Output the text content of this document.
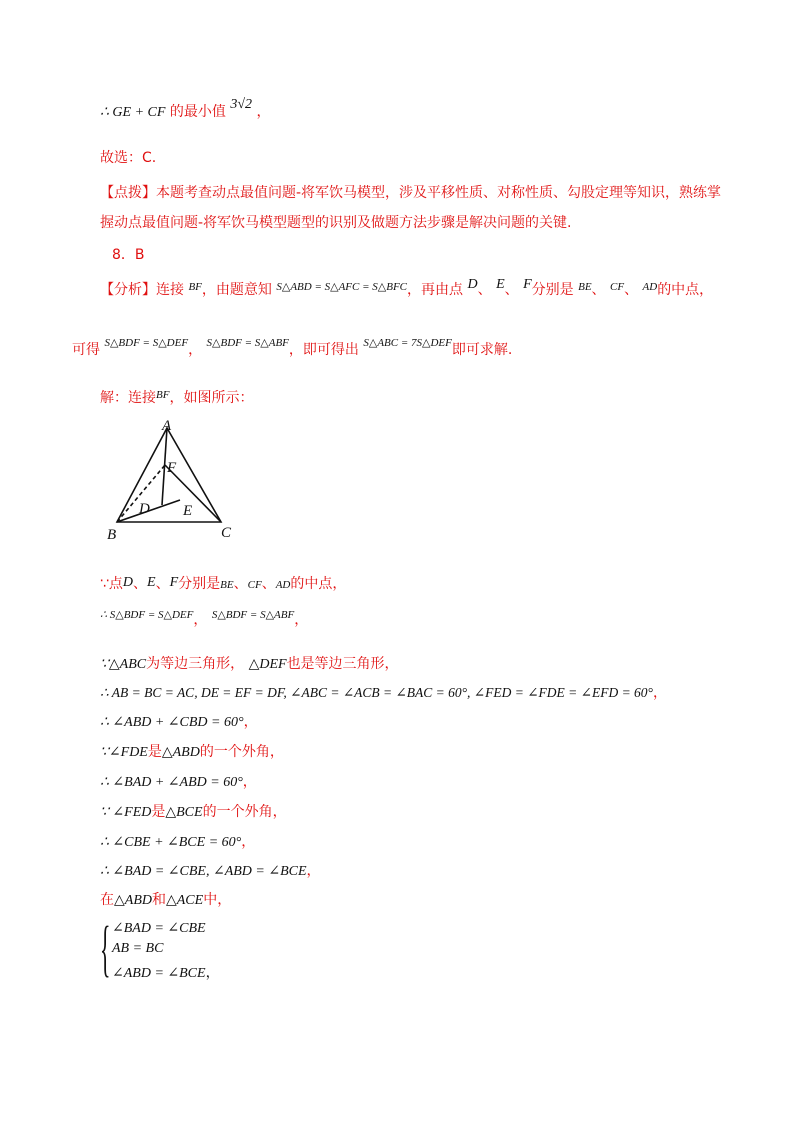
∴ GE + CF 的最小值 3√2 ，
故选：C.
【点拨】本题考查动点最值问题-将军饮马模型，涉及平移性质、对称性质、勾股定理等知识，熟练掌
握动点最值问题-将军饮马模型题型的识别及做题方法步骤是解决问题的关键.
8．B
【分析】连接 $^{BF}$，由题意知 $^{S\triangle ABD = S\triangle AFC = S\triangle BFC}$，再由点 D、 E、 F分别是 $^{BE}$、 $^{CF}$、 $^{AD}$的中点，
可得 $^{S\triangle BDF = S\triangle DEF}$， $^{S\triangle BDF = S\triangle ABF}$，即可得出 $^{S\triangle ABC = 7S\triangle DEF}$即可求解.
解：连接$^{BF}$，如图所示：
A
F
D E
B	C
∵点D、E、F分别是BE、CF、AD的中点，
∴ S△BDF = S△DEF， S△BDF = S△ABF，
∵△ABC为等边三角形， △DEF也是等边三角形，
∴ AB = BC = AC, DE = EF = DF, ∠ABC = ∠ACB = ∠BAC = 60°, ∠FED = ∠FDE = ∠EFD = 60°，
∴ ∠ABD + ∠CBD = 60°，
∵∠FDE是△ABD的一个外角，
∴ ∠BAD + ∠ABD = 60°，
∵ ∠FED是△BCE的一个外角，
∴ ∠CBE + ∠BCE = 60°，
∴ ∠BAD = ∠CBE, ∠ABD = ∠BCE，
在△ABD和△ACE中，
{ ∠BAD = ∠CBE
AB = BC
∠ABD = ∠BCE，
